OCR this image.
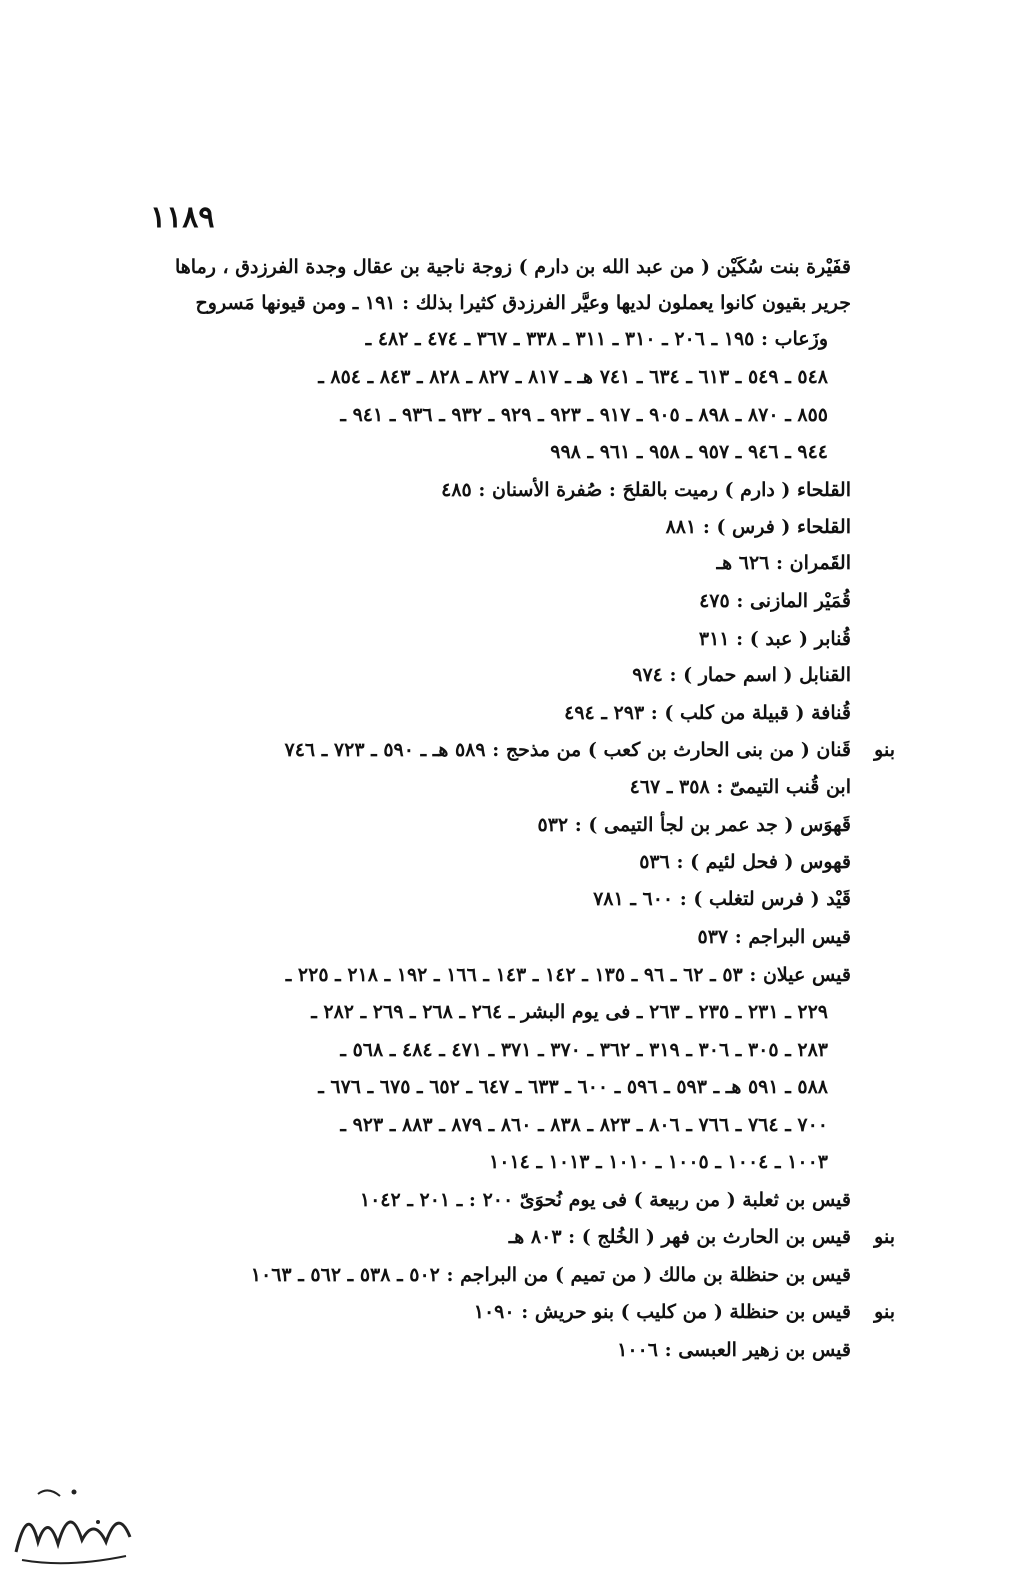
١١٨٩
قفَيْرة بنت سُكَيْن ( من عبد الله بن دارم ) زوجة ناجية بن عقال وجدة الفرزدق ، رماها
جرير بقيون كانوا يعملون لديها وعيَّر الفرزدق كثيرا بذلك : ١٩١ ـ ومن قيونها مَسروح
وزَعاب : ١٩٥ ـ ٢٠٦ ـ ٣١٠ ـ ٣١١ ـ ٣٣٨ ـ ٣٦٧ ـ ٤٧٤ ـ ٤٨٢ ـ
٥٤٨ ـ ٥٤٩ ـ ٦١٣ ـ ٦٣٤ ـ ٧٤١ هـ ـ ٨١٧ ـ ٨٢٧ ـ ٨٢٨ ـ ٨٤٣ ـ ٨٥٤ ـ
٨٥٥ ـ ٨٧٠ ـ ٨٩٨ ـ ٩٠٥ ـ ٩١٧ ـ ٩٢٣ ـ ٩٢٩ ـ ٩٣٢ ـ ٩٣٦ ـ ٩٤١ ـ
٩٤٤ ـ ٩٤٦ ـ ٩٥٧ ـ ٩٥٨ ـ ٩٦١ ـ ٩٩٨
القلحاء ( دارم ) رميت بالقلحَ : صُفرة الأسنان : ٤٨٥
القلحاء ( فرس ) : ٨٨١
القَمران : ٦٢٦ هـ
قُمَيْر المازنى : ٤٧٥
قُنابر ( عبد ) : ٣١١
القنابل ( اسم حمار ) : ٩٧٤
قُنافة ( قبيلة من كلب ) : ٢٩٣ ـ ٤٩٤
بنو
قَنان ( من بنى الحارث بن كعب ) من مذحج : ٥٨٩ هـ ـ ٥٩٠ ـ ٧٢٣ ـ ٧٤٦
ابن قُنب التيمىّ : ٣٥٨ ـ ٤٦٧
قَهوَس ( جد عمر بن لجأ التيمى ) : ٥٣٢
قهوس ( فحل لئيم ) : ٥٣٦
قَيْد ( فرس لتغلب ) : ٦٠٠ ـ ٧٨١
قيس البراجم : ٥٣٧
قيس عيلان : ٥٣ ـ ٦٢ ـ ٩٦ ـ ١٣٥ ـ ١٤٢ ـ ١٤٣ ـ ١٦٦ ـ ١٩٢ ـ ٢١٨ ـ ٢٢٥ ـ
٢٢٩ ـ ٢٣١ ـ ٢٣٥ ـ ٢٦٣ ـ فى يوم البشر ـ ٢٦٤ ـ ٢٦٨ ـ ٢٦٩ ـ ٢٨٢ ـ
٢٨٣ ـ ٣٠٥ ـ ٣٠٦ ـ ٣١٩ ـ ٣٦٢ ـ ٣٧٠ ـ ٣٧١ ـ ٤٧١ ـ ٤٨٤ ـ ٥٦٨ ـ
٥٨٨ ـ ٥٩١ هـ ـ ٥٩٣ ـ ٥٩٦ ـ ٦٠٠ ـ ٦٣٣ ـ ٦٤٧ ـ ٦٥٢ ـ ٦٧٥ ـ ٦٧٦ ـ
٧٠٠ ـ ٧٦٤ ـ ٧٦٦ ـ ٨٠٦ ـ ٨٢٣ ـ ٨٣٨ ـ ٨٦٠ ـ ٨٧٩ ـ ٨٨٣ ـ ٩٢٣ ـ
١٠٠٣ ـ ١٠٠٤ ـ ١٠٠٥ ـ ١٠١٠ ـ ١٠١٣ ـ ١٠١٤
قيس بن ثعلبة ( من ربيعة ) فى يوم نُحوَىّ ٢٠٠ : ـ ٢٠١ ـ ١٠٤٢
بنو
قيس بن الحارث بن فهر ( الخُلج ) : ٨٠٣ هـ
قيس بن حنظلة بن مالك ( من تميم ) من البراجم : ٥٠٢ ـ ٥٣٨ ـ ٥٦٢ ـ ١٠٦٣
بنو
قيس بن حنظلة ( من كليب ) بنو حريش : ١٠٩٠
قيس بن زهير العبسى : ١٠٠٦
